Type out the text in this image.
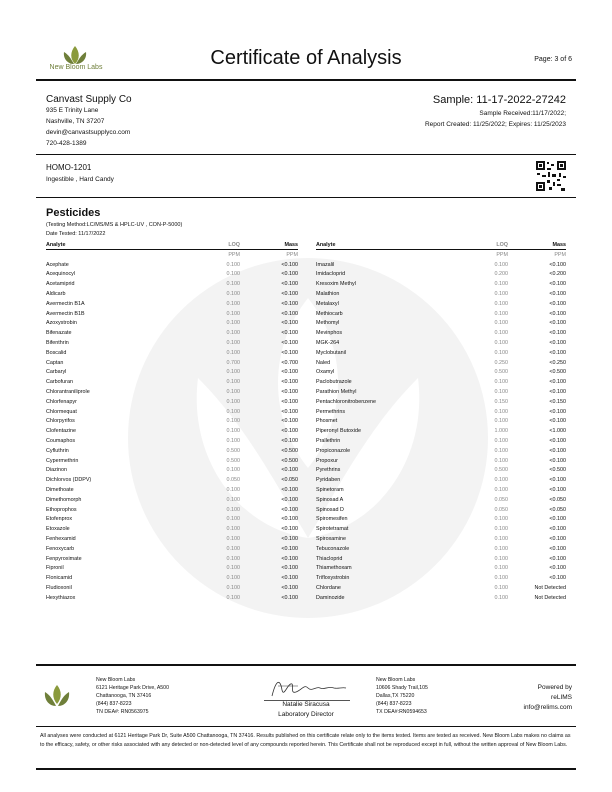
New Bloom Labs	Certificate of Analysis	Page: 3 of 6
Canvast Supply Co
935 E Trinity Lane
Nashville, TN 37207
devin@canvastsupplyco.com
720-428-1389
Sample: 11-17-2022-27242
Sample Received:11/17/2022;
Report Created: 11/25/2022; Expires: 11/25/2023
HOMO-1201
Ingestible , Hard Candy
Pesticides
(Testing Method:LC/MS/MS & HPLC-UV , CON-P-5000)
Date Tested: 11/17/2022
Analyte	LOQ	Mass
	PPM	PPM
Acephate	0.100	<0.100
Acequinocyl	0.100	<0.100
Acetamiprid	0.100	<0.100
Aldicarb	0.100	<0.100
Avermectin B1A	0.100	<0.100
Avermectin B1B	0.100	<0.100
Azoxystrobin	0.100	<0.100
Bifenazate	0.100	<0.100
Bifenthrin	0.100	<0.100
Boscalid	0.100	<0.100
Captan	0.700	<0.700
Carbaryl	0.100	<0.100
Carbofuran	0.100	<0.100
Chlorantraniliprole	0.100	<0.100
Chlorfenapyr	0.100	<0.100
Chlormequat	0.100	<0.100
Chlorpyrifos	0.100	<0.100
Clofentazine	0.100	<0.100
Coumaphos	0.100	<0.100
Cyfluthrin	0.500	<0.500
Cypermethrin	0.500	<0.500
Diazinon	0.100	<0.100
Dichlorvos (DDPV)	0.050	<0.050
Dimethoate	0.100	<0.100
Dimethomorph	0.100	<0.100
Ethoprophos	0.100	<0.100
Etofenprox	0.100	<0.100
Etoxazole	0.100	<0.100
Fenhexamid	0.100	<0.100
Fenoxycarb	0.100	<0.100
Fenpyroximate	0.100	<0.100
Fipronil	0.100	<0.100
Flonicamid	0.100	<0.100
Fludioxonil	0.100	<0.100
Hexythiazox	0.100	<0.100
Analyte	LOQ	Mass
	PPM	PPM
Imazalil	0.100	<0.100
Imidacloprid	0.200	<0.200
Kresoxim Methyl	0.100	<0.100
Malathion	0.100	<0.100
Metalaxyl	0.100	<0.100
Methiocarb	0.100	<0.100
Methomyl	0.100	<0.100
Mevinphos	0.100	<0.100
MGK-264	0.100	<0.100
Myclobutanil	0.100	<0.100
Naled	0.250	<0.250
Oxamyl	0.500	<0.500
Paclobutrazole	0.100	<0.100
Parathion Methyl	0.100	<0.100
Pentachloronitrobenzene	0.150	<0.150
Permethrins	0.100	<0.100
Phosmet	0.100	<0.100
Piperonyl Butoxide	1.000	<1.000
Prallethrin	0.100	<0.100
Propiconazole	0.100	<0.100
Propoxur	0.100	<0.100
Pyrethrins	0.500	<0.500
Pyridaben	0.100	<0.100
Spinetoram	0.100	<0.100
Spinosad A	0.050	<0.050
Spinosad D	0.050	<0.050
Spiromesifen	0.100	<0.100
Spirotetramat	0.100	<0.100
Spiroxamine	0.100	<0.100
Tebuconazole	0.100	<0.100
Thiacloprid	0.100	<0.100
Thiamethoxam	0.100	<0.100
Trifloxystrobin	0.100	<0.100
Chlordane	0.100	Not Detected
Daminozide	0.100	Not Detected
New Bloom Labs
6121 Heritage Park Drive, A500
Chattanooga, TN 37416
(844) 837-8223
TN DEA#: RN0563975
Natalie Siracusa
Laboratory Director
New Bloom Labs
10606 Shady Trail,105
Dallas,TX 75220
(844) 837-8223
TX DEA#:RN0594653
Powered by
reLIMS
info@relims.com
All analyses were conducted at 6121 Heritage Park Dr, Suite A500 Chattanooga, TN 37416. Results published on this certificate relate only to the items tested. Items are tested as received. New Bloom Labs makes no claims as to the efficacy, safety, or other risks associated with any detected or non-detected level of any compounds reported herein. This Certificate shall not be reproduced except in full, without the written approval of New Bloom Labs.
